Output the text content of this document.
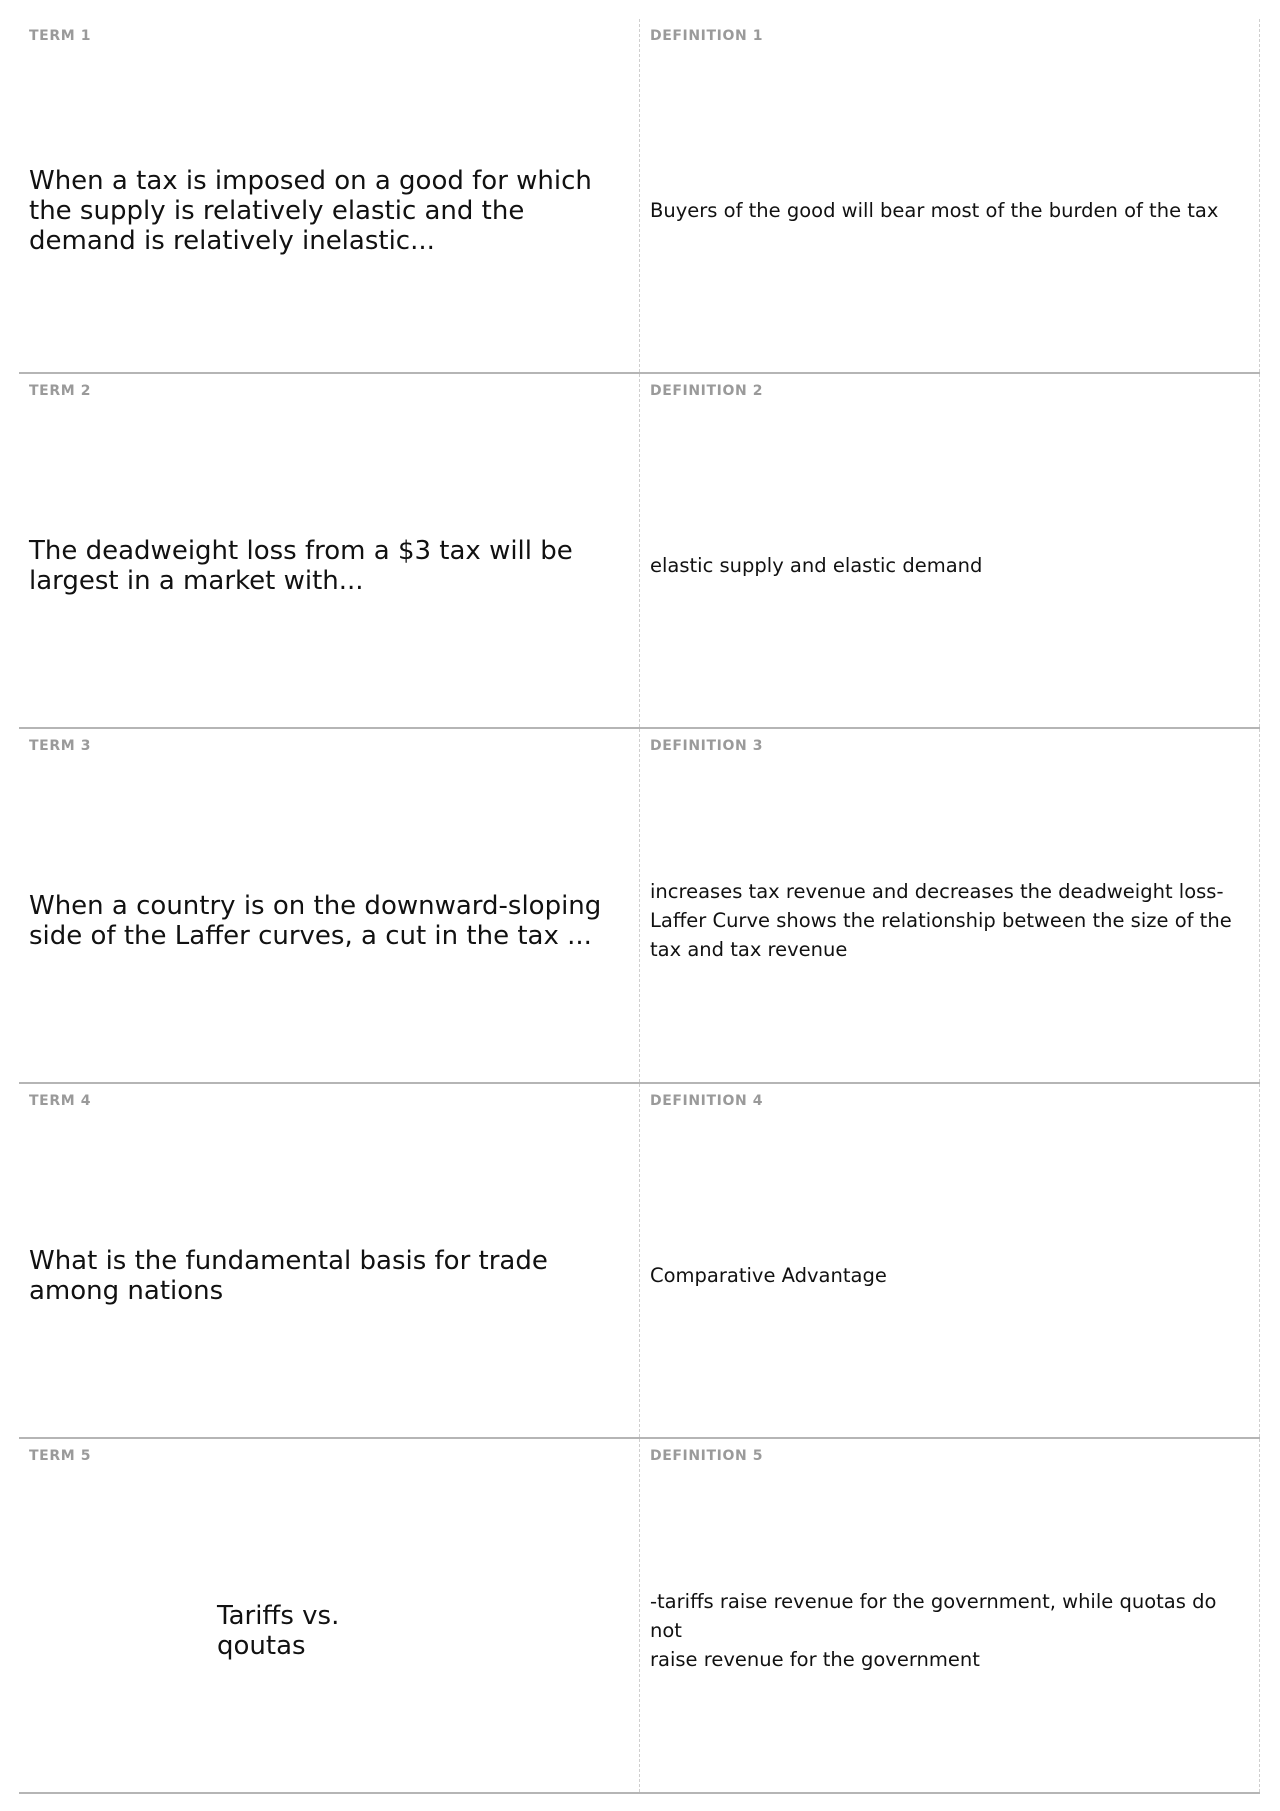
TERM 1
When a tax is imposed on a good for which
the supply is relatively elastic and the
demand is relatively inelastic...
DEFINITION 1
Buyers of the good will bear most of the burden of the tax
TERM 2
The deadweight loss from a $3 tax will be
largest in a market with...
DEFINITION 2
elastic supply and elastic demand
TERM 3
When a country is on the downward-sloping
side of the Laffer curves, a cut in the tax ...
DEFINITION 3
increases tax revenue and decreases the deadweight loss-
Laffer Curve shows the relationship between the size of the
tax and tax revenue
TERM 4
What is the fundamental basis for trade
among nations
DEFINITION 4
Comparative Advantage
TERM 5
Tariffs vs.
qoutas
DEFINITION 5
-tariffs raise revenue for the government, while quotas do not
raise revenue for the government
